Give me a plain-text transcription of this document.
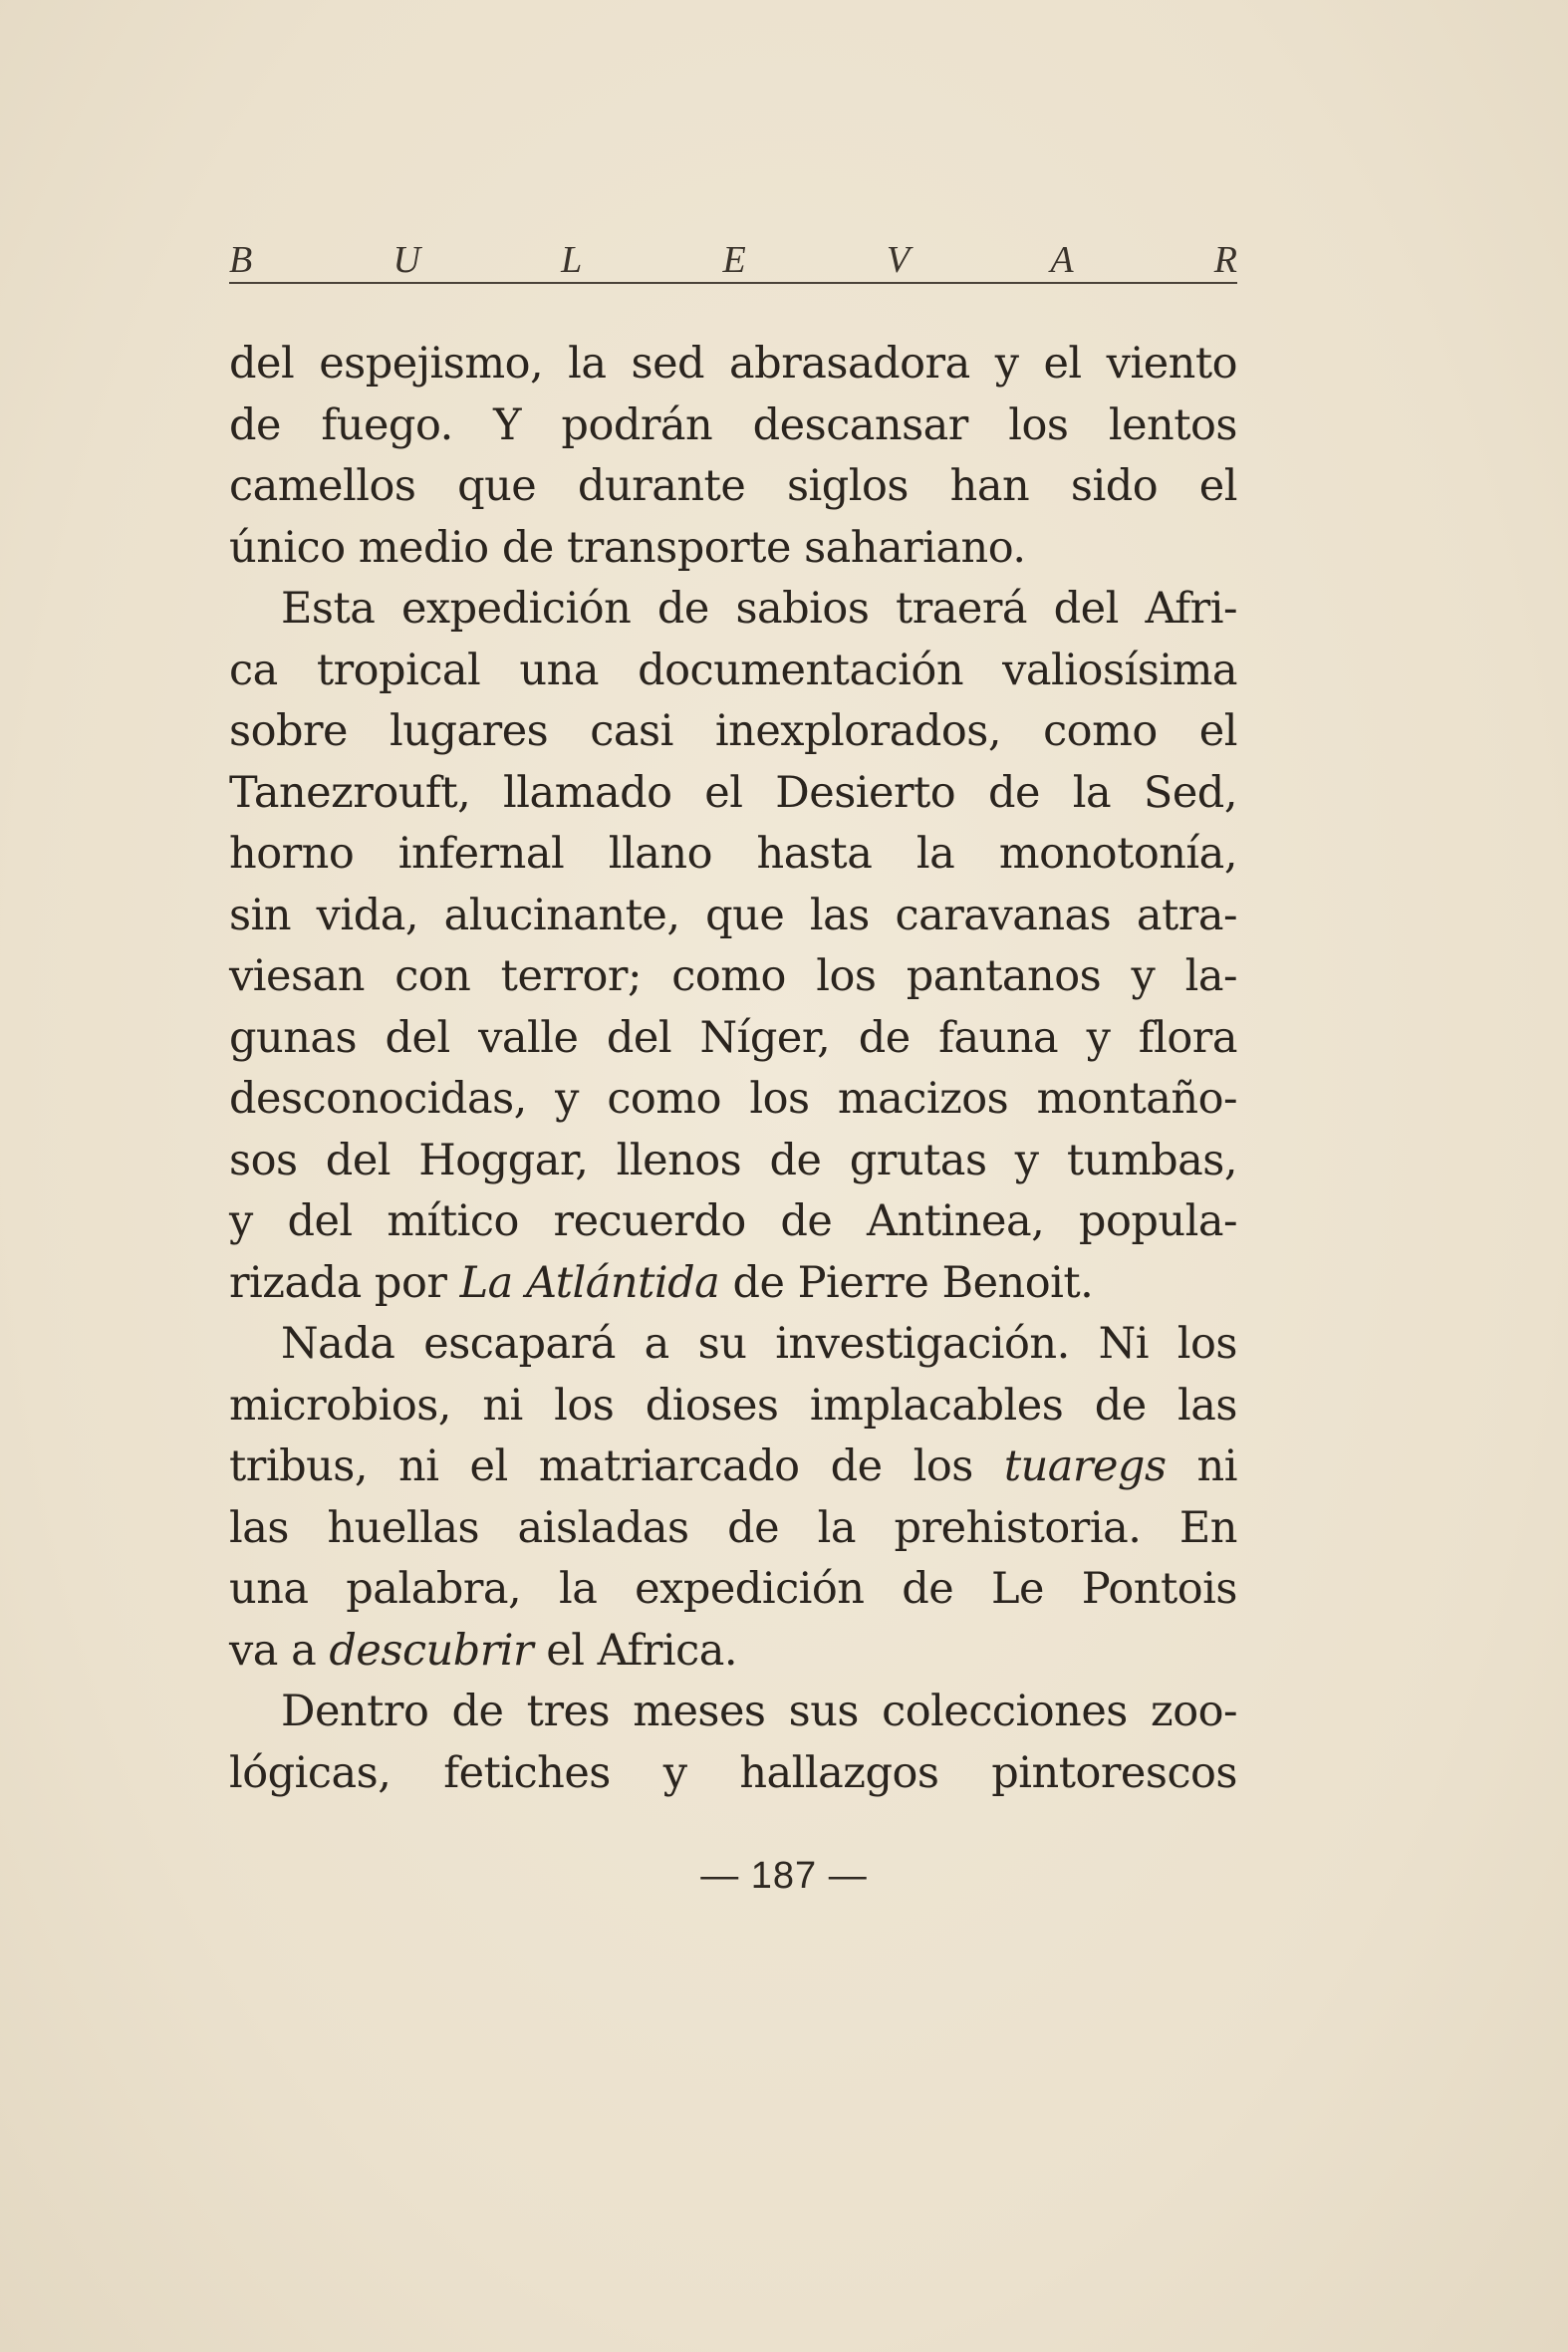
B	U	L	E	V	A	R
del espejismo, la sed abrasadora y el viento
de fuego. Y podrán descansar los lentos
camellos que durante siglos han sido el
único medio de transporte sahariano.
Esta expedición de sabios traerá del Afri-
ca tropical una documentación valiosísima
sobre lugares casi inexplorados, como el
Tanezrouft, llamado el Desierto de la Sed,
horno infernal llano hasta la monotonía,
sin vida, alucinante, que las caravanas atra-
viesan con terror; como los pantanos y la-
gunas del valle del Níger, de fauna y flora
desconocidas, y como los macizos montaño-
sos del Hoggar, llenos de grutas y tumbas,
y del mítico recuerdo de Antinea, popula-
rizada por La Atlántida de Pierre Benoit.
Nada escapará a su investigación. Ni los
microbios, ni los dioses implacables de las
tribus, ni el matriarcado de los tuaregs ni
las huellas aisladas de la prehistoria. En
una palabra, la expedición de Le Pontois
va a descubrir el Africa.
Dentro de tres meses sus colecciones zoo-
lógicas, fetiches y hallazgos pintorescos
— 187 —
